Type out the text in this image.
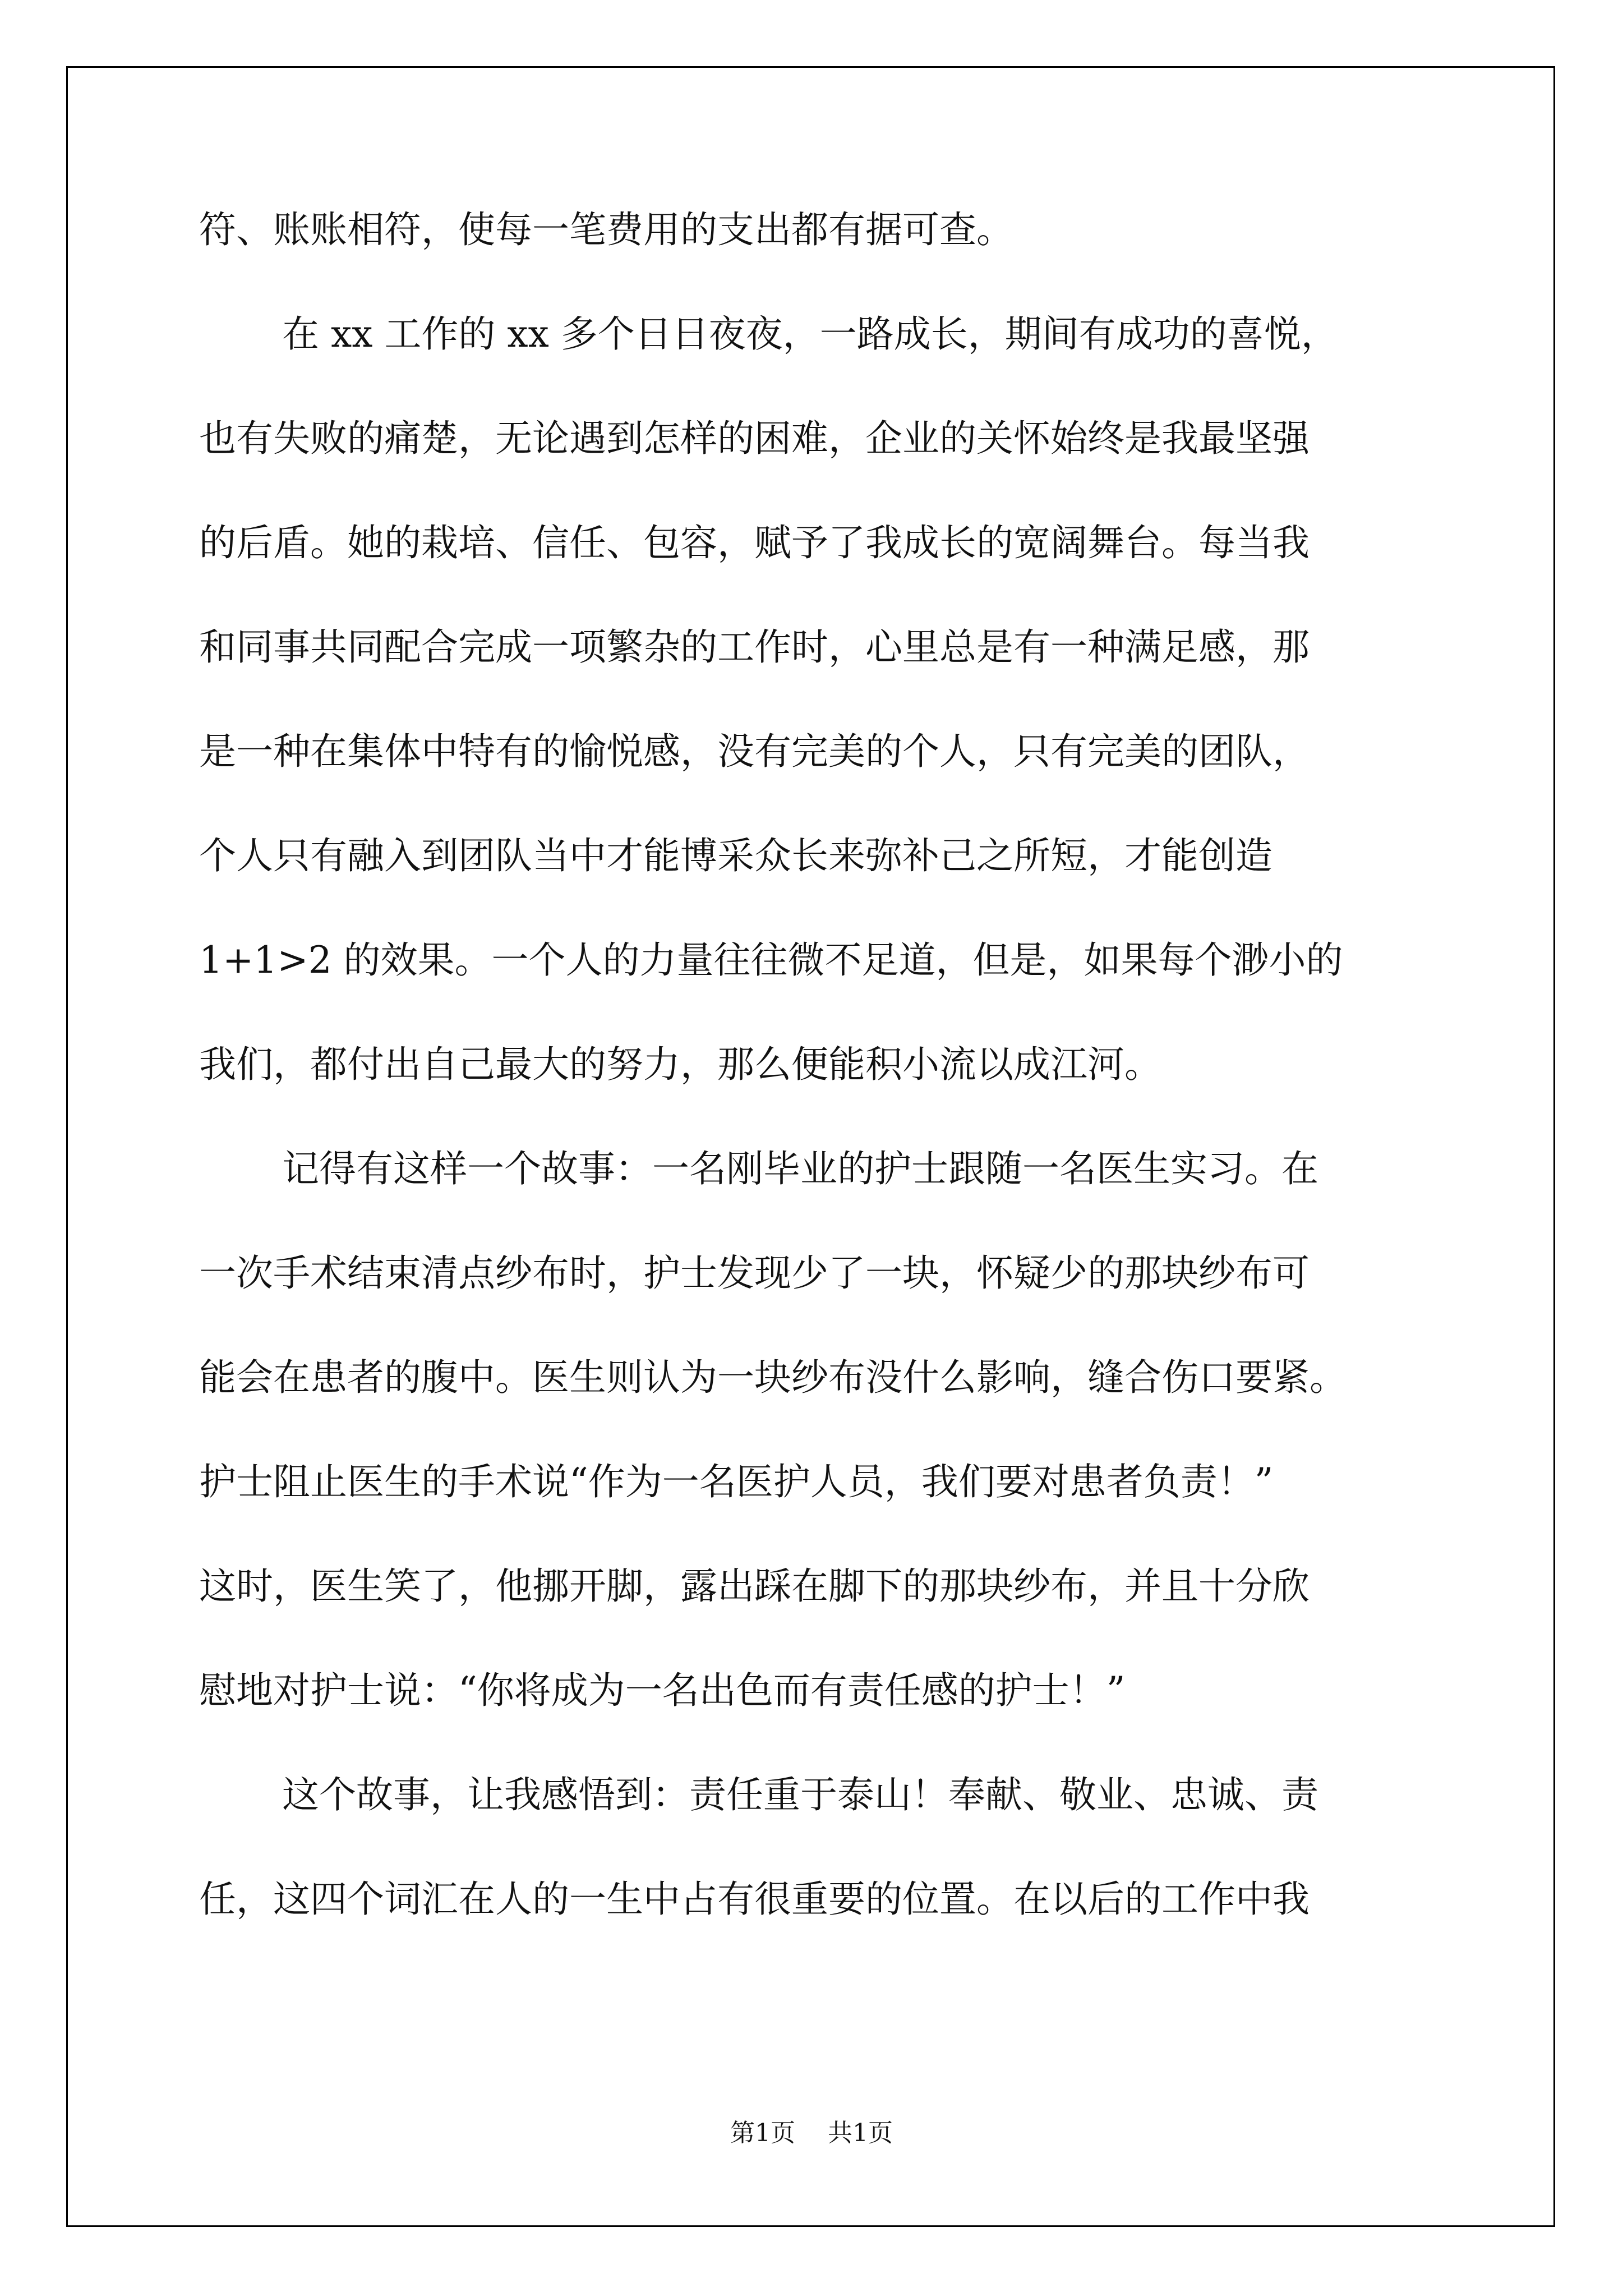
符、账账相符，使每一笔费用的支出都有据可查。
在 xx 工作的 xx 多个日日夜夜，一路成长，期间有成功的喜悦，
也有失败的痛楚，无论遇到怎样的困难，企业的关怀始终是我最坚强
的后盾。她的栽培、信任、包容，赋予了我成长的宽阔舞台。每当我
和同事共同配合完成一项繁杂的工作时，心里总是有一种满足感，那
是一种在集体中特有的愉悦感，没有完美的个人，只有完美的团队，
个人只有融入到团队当中才能博采众长来弥补己之所短，才能创造
1+1>2 的效果。一个人的力量往往微不足道，但是，如果每个渺小的
我们，都付出自己最大的努力，那么便能积小流以成江河。
记得有这样一个故事：一名刚毕业的护士跟随一名医生实习。在
一次手术结束清点纱布时，护士发现少了一块，怀疑少的那块纱布可
能会在患者的腹中。医生则认为一块纱布没什么影响，缝合伤口要紧。
护士阻止医生的手术说“作为一名医护人员，我们要对患者负责！”
这时，医生笑了，他挪开脚，露出踩在脚下的那块纱布，并且十分欣
慰地对护士说：“你将成为一名出色而有责任感的护士！”
这个故事，让我感悟到：责任重于泰山！奉献、敬业、忠诚、责
任，这四个词汇在人的一生中占有很重要的位置。在以后的工作中我
第1页 共1页
